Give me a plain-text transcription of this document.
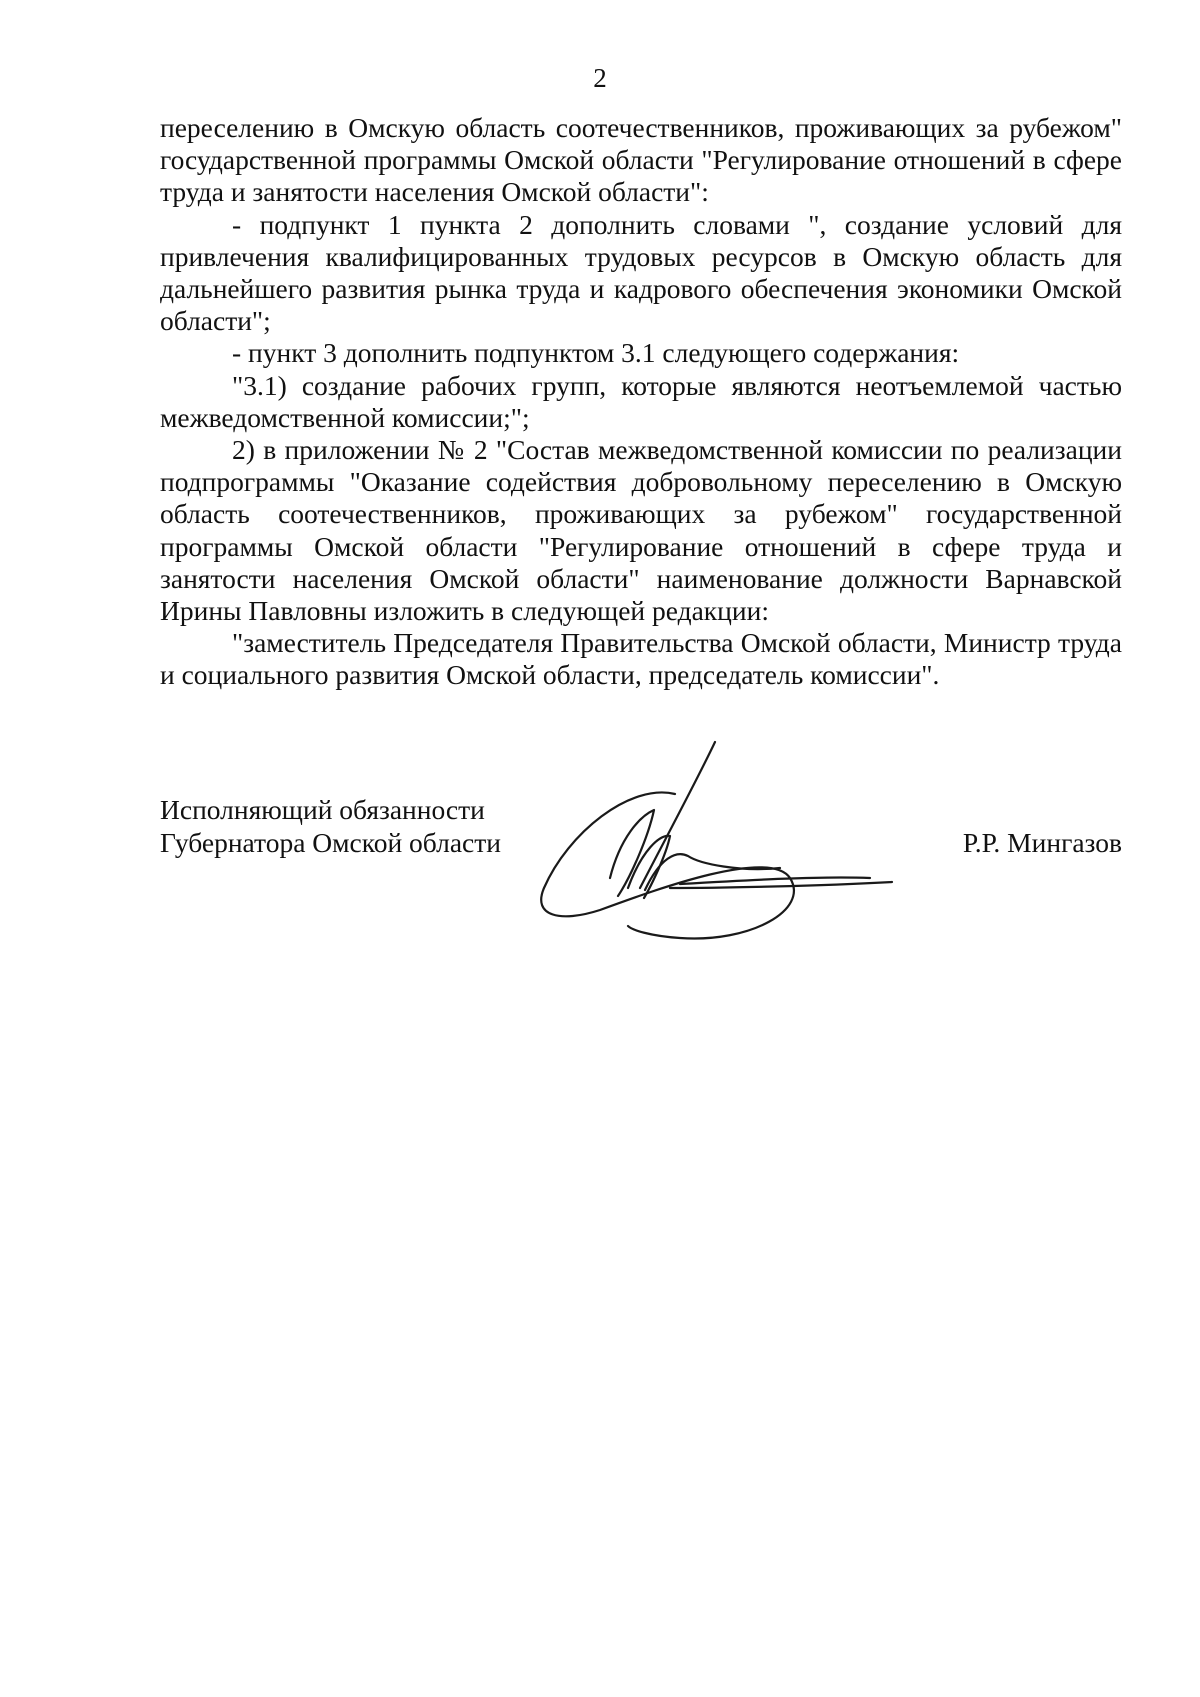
2

переселению в Омскую область соотечественников, проживающих за рубежом" государственной программы Омской области "Регулирование отношений в сфере труда и занятости населения Омской области":

- подпункт 1 пункта 2 дополнить словами ", создание условий для привлечения квалифицированных трудовых ресурсов в Омскую область для дальнейшего развития рынка труда и кадрового обеспечения экономики Омской области";

- пункт 3 дополнить подпунктом 3.1 следующего содержания:

"3.1) создание рабочих групп, которые являются неотъемлемой частью межведомственной комиссии;";

2) в приложении № 2 "Состав межведомственной комиссии по реализации подпрограммы "Оказание содействия добровольному переселению в Омскую область соотечественников, проживающих за рубежом" государственной программы Омской области "Регулирование отношений в сфере труда и занятости населения Омской области" наименование должности Варнавской Ирины Павловны изложить в следующей редакции:

"заместитель Председателя Правительства Омской области, Министр труда и социального развития Омской области, председатель комиссии".

Исполняющий обязанности
Губернатора Омской области	Р.Р. Мингазов
